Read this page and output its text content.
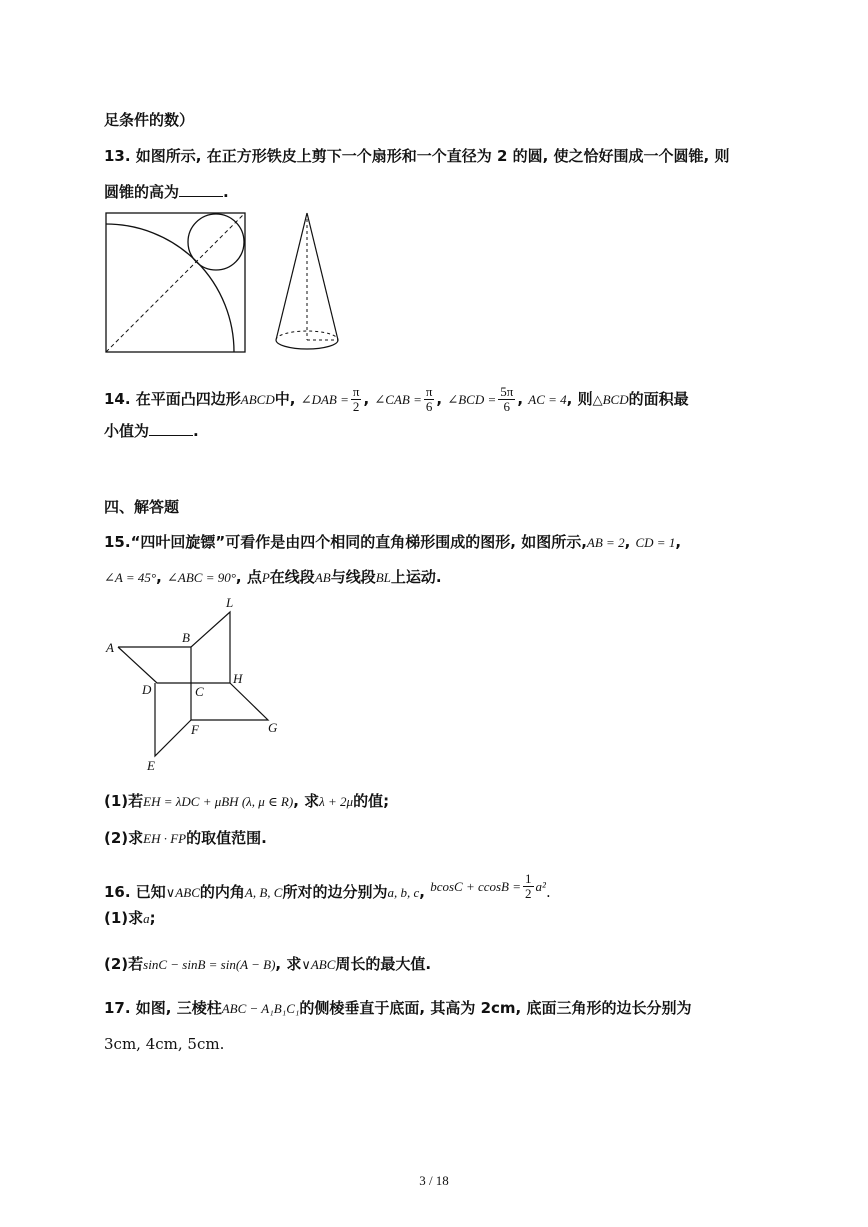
足条件的数）
13. 如图所示, 在正方形铁皮上剪下一个扇形和一个直径为 2 的圆, 使之恰好围成一个圆锥, 则
圆锥的高为	.
14. 在平面凸四边形ABCD中, ∠DAB = $\frac{\pi}{2}$ , ∠CAB = $\frac{\pi}{6}$ , ∠BCD = $\frac{5\pi}{6}$ , AC = 4, 则△BCD的面积最
小值为	.
四、解答题
15.“四叶回旋镖”可看作是由四个相同的直角梯形围成的图形, 如图所示,AB = 2, CD = 1,
∠A = 45°, ∠ABC = 90°, 点P在线段AB与线段BL上运动.
A
B
L
D	C
H
F	G
E
(1)若EH = λDC + μBH (λ, μ ∈ R), 求λ + 2μ的值;
(2)求EH · FP的取值范围.
16. 已知∨ABC的内角A, B, C所对的边分别为a, b, c, $bcosC + ccosB = \frac{1}{2} a^2$.
(1)求a;
(2)若sinC − sinB = sin(A − B), 求∨ABC周长的最大值.
17. 如图, 三棱柱ABC − A₁B₁C₁的侧棱垂直于底面, 其高为 2cm, 底面三角形的边长分别为
3cm, 4cm, 5cm.
3 / 18
